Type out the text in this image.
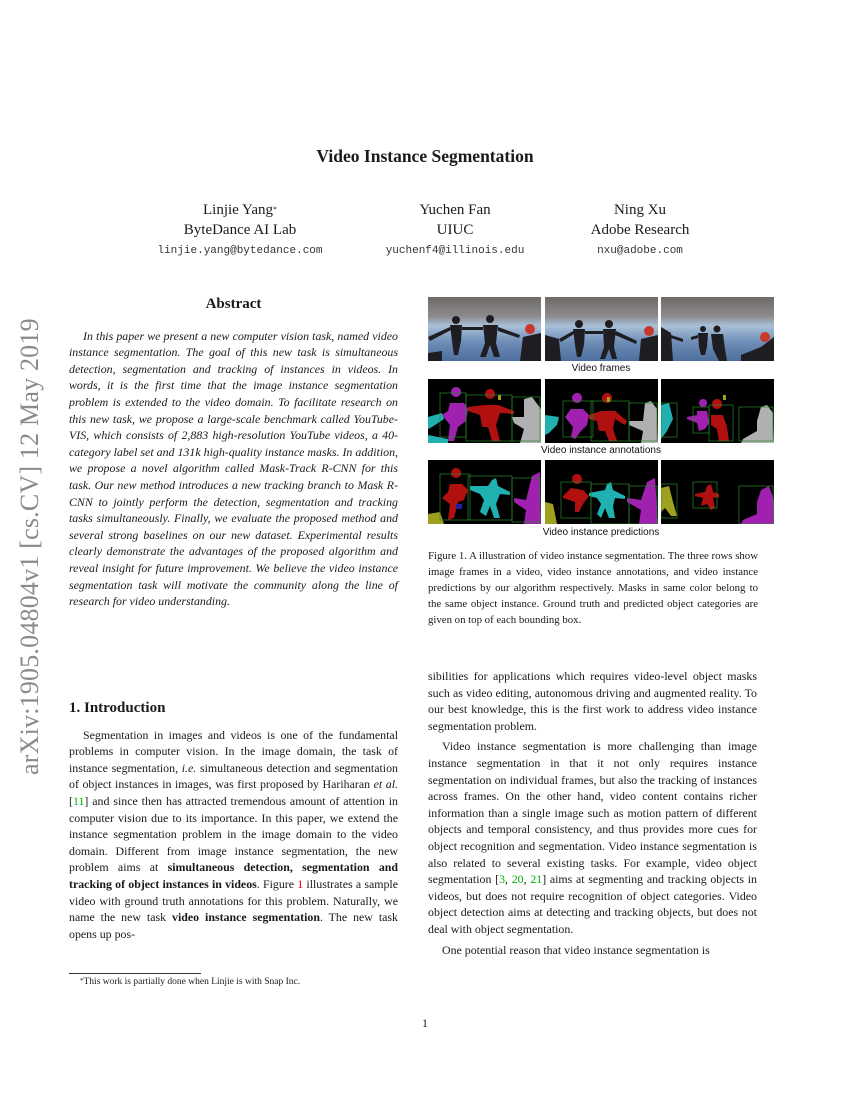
arXiv:1905.04804v1 [cs.CV] 12 May 2019
Video Instance Segmentation
Linjie Yang*
ByteDance AI Lab
linjie.yang@bytedance.com
Yuchen Fan
UIUC
yuchenf4@illinois.edu
Ning Xu
Adobe Research
nxu@adobe.com
Abstract

In this paper we present a new computer vision task, named video instance segmentation. The goal of this new task is simultaneous detection, segmentation and tracking of instances in videos. In words, it is the first time that the image instance segmentation problem is extended to the video domain. To facilitate research on this new task, we propose a large-scale benchmark called YouTube-VIS, which consists of 2,883 high-resolution YouTube videos, a 40-category label set and 131k high-quality instance masks. In addition, we propose a novel algorithm called Mask-Track R-CNN for this task. Our new method introduces a new tracking branch to Mask R-CNN to jointly perform the detection, segmentation and tracking tasks simultaneously. Finally, we evaluate the proposed method and several strong baselines on our new dataset. Experimental results clearly demonstrate the advantages of the proposed algorithm and reveal insight for future improvement. We believe the video instance segmentation task will motivate the community along the line of research for video understanding.

1. Introduction

Segmentation in images and videos is one of the fundamental problems in computer vision. In the image domain, the task of instance segmentation, i.e. simultaneous detection and segmentation of object instances in images, was first proposed by Hariharan et al. [11] and since then has attracted tremendous amount of attention in computer vision due to its importance. In this paper, we extend the instance segmentation problem in the image domain to the video domain. Different from image instance segmentation, the new problem aims at simultaneous detection, segmentation and tracking of object instances in videos. Figure 1 illustrates a sample video with ground truth annotations for this problem. Naturally, we name the new task video instance segmentation. The new task opens up pos-

sibilities for applications which requires video-level object masks such as video editing, autonomous driving and augmented reality. To our best knowledge, this is the first work to address video instance segmentation problem.

Video instance segmentation is more challenging than image instance segmentation in that it not only requires instance segmentation on individual frames, but also the tracking of instances across frames. On the other hand, video content contains richer information than a single image such as motion pattern of different objects and temporal consistency, and thus provides more cues for object recognition and segmentation. Video instance segmentation is also related to several existing tasks. For example, video object segmentation [3, 20, 21] aims at segmenting and tracking objects in videos, but does not require recognition of object categories. Video object detection aims at detecting and tracking objects, but does not deal with object segmentation.

One potential reason that video instance segmentation is

Video frames
Video instance annotations
Video instance predictions
Figure 1. A illustration of video instance segmentation. The three rows show image frames in a video, video instance annotations, and video instance predictions by our algorithm respectively. Masks in same color belong to the same object instance. Ground truth and predicted object categories are given on top of each bounding box.
*This work is partially done when Linjie is with Snap Inc.
1
